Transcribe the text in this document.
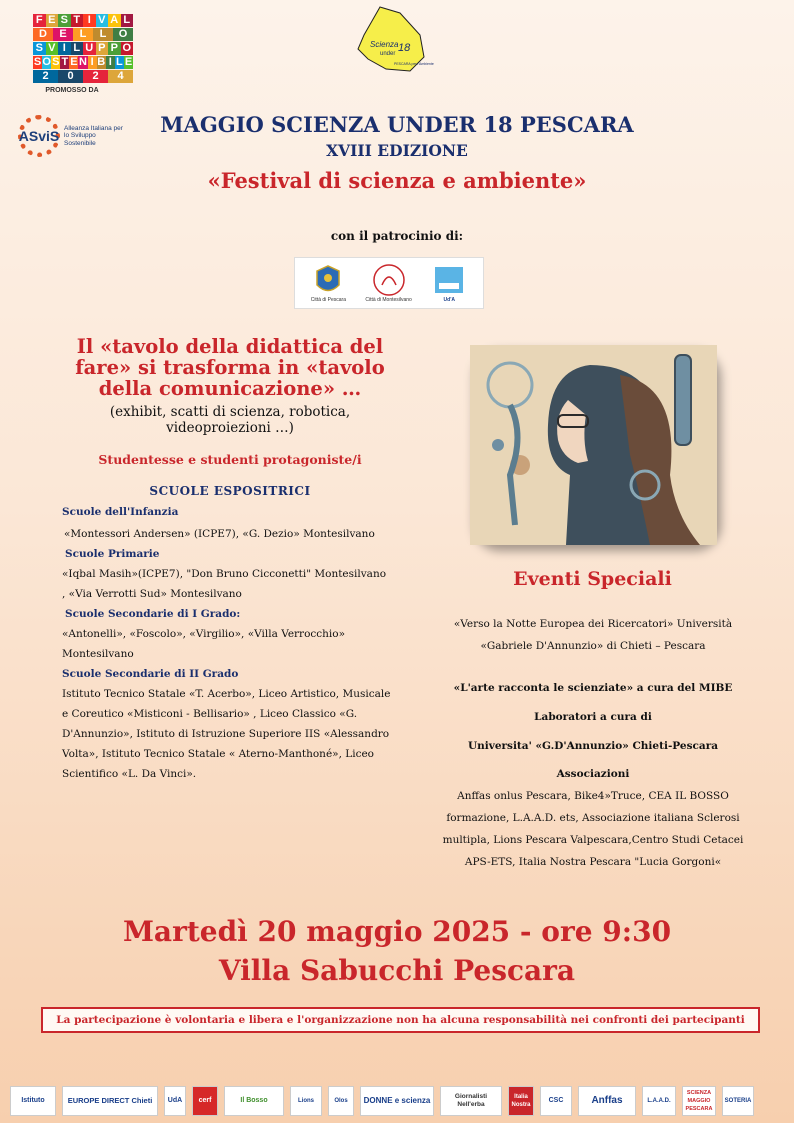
F E S T I V A L
D	E	L	L	O
S V I L U P P O
S O S T E N I B I L E
2	0	2	4
PROMOSSO DA
ASviS Alleanza Italiana per lo Sviluppo Sostenibile
Scienza
under 18
PESCARA per l'Ambiente
MAGGIO SCIENZA UNDER 18 PESCARA
XVIII EDIZIONE
«Festival di scienza e ambiente»
con il patrocinio di:
Città di Pescara	Città di Montesilvano	Ud'A
Il «tavolo della didattica del fare» si trasforma in «tavolo della comunicazione» …
(exhibit, scatti di scienza, robotica, videoproiezioni …)
Studentesse e studenti protagoniste/i
SCUOLE ESPOSITRICI
Scuole dell'Infanzia
«Montessori Andersen» (ICPE7), «G. Dezio» Montesilvano
Scuole Primarie
«Iqbal Masih»(ICPE7), "Don Bruno Cicconetti" Montesilvano , «Via Verrotti Sud» Montesilvano
Scuole Secondarie di I Grado:
«Antonelli», «Foscolo», «Virgilio», «Villa Verrocchio» Montesilvano
Scuole Secondarie di II Grado
Istituto Tecnico Statale «T. Acerbo», Liceo Artistico, Musicale e Coreutico «Misticoni - Bellisario» , Liceo Classico «G. D'Annunzio», Istituto di Istruzione Superiore IIS «Alessandro Volta», Istituto Tecnico Statale « Aterno-Manthoné», Liceo Scientifico «L. Da Vinci».
Eventi Speciali
«Verso la Notte Europea dei Ricercatori» Università «Gabriele D'Annunzio» di Chieti – Pescara
«L'arte racconta le scienziate» a cura del MIBE
Laboratori a cura di
Universita' «G.D'Annunzio» Chieti-Pescara
Associazioni
Anffas onlus Pescara, Bike4»Truce, CEA IL BOSSO formazione, L.A.A.D. ets, Associazione italiana Sclerosi multipla, Lions Pescara Valpescara,Centro Studi Cetacei APS-ETS, Italia Nostra Pescara "Lucia Gorgoni«
Martedì 20 maggio 2025 - ore 9:30
Villa Sabucchi Pescara
La partecipazione è volontaria e libera e l'organizzazione non ha alcuna responsabilità nei confronti dei partecipanti
Istituto	EUROPE DIRECT Chieti	UdA	cerf	Il Bosso	Lions	Olos	DONNE e scienza	Giornalisti Nell'erba
Italia Nostra
CSC	Anffas	L.A.A.D.
SCIENZA MAGGIO PESCARA
SOTERIA
